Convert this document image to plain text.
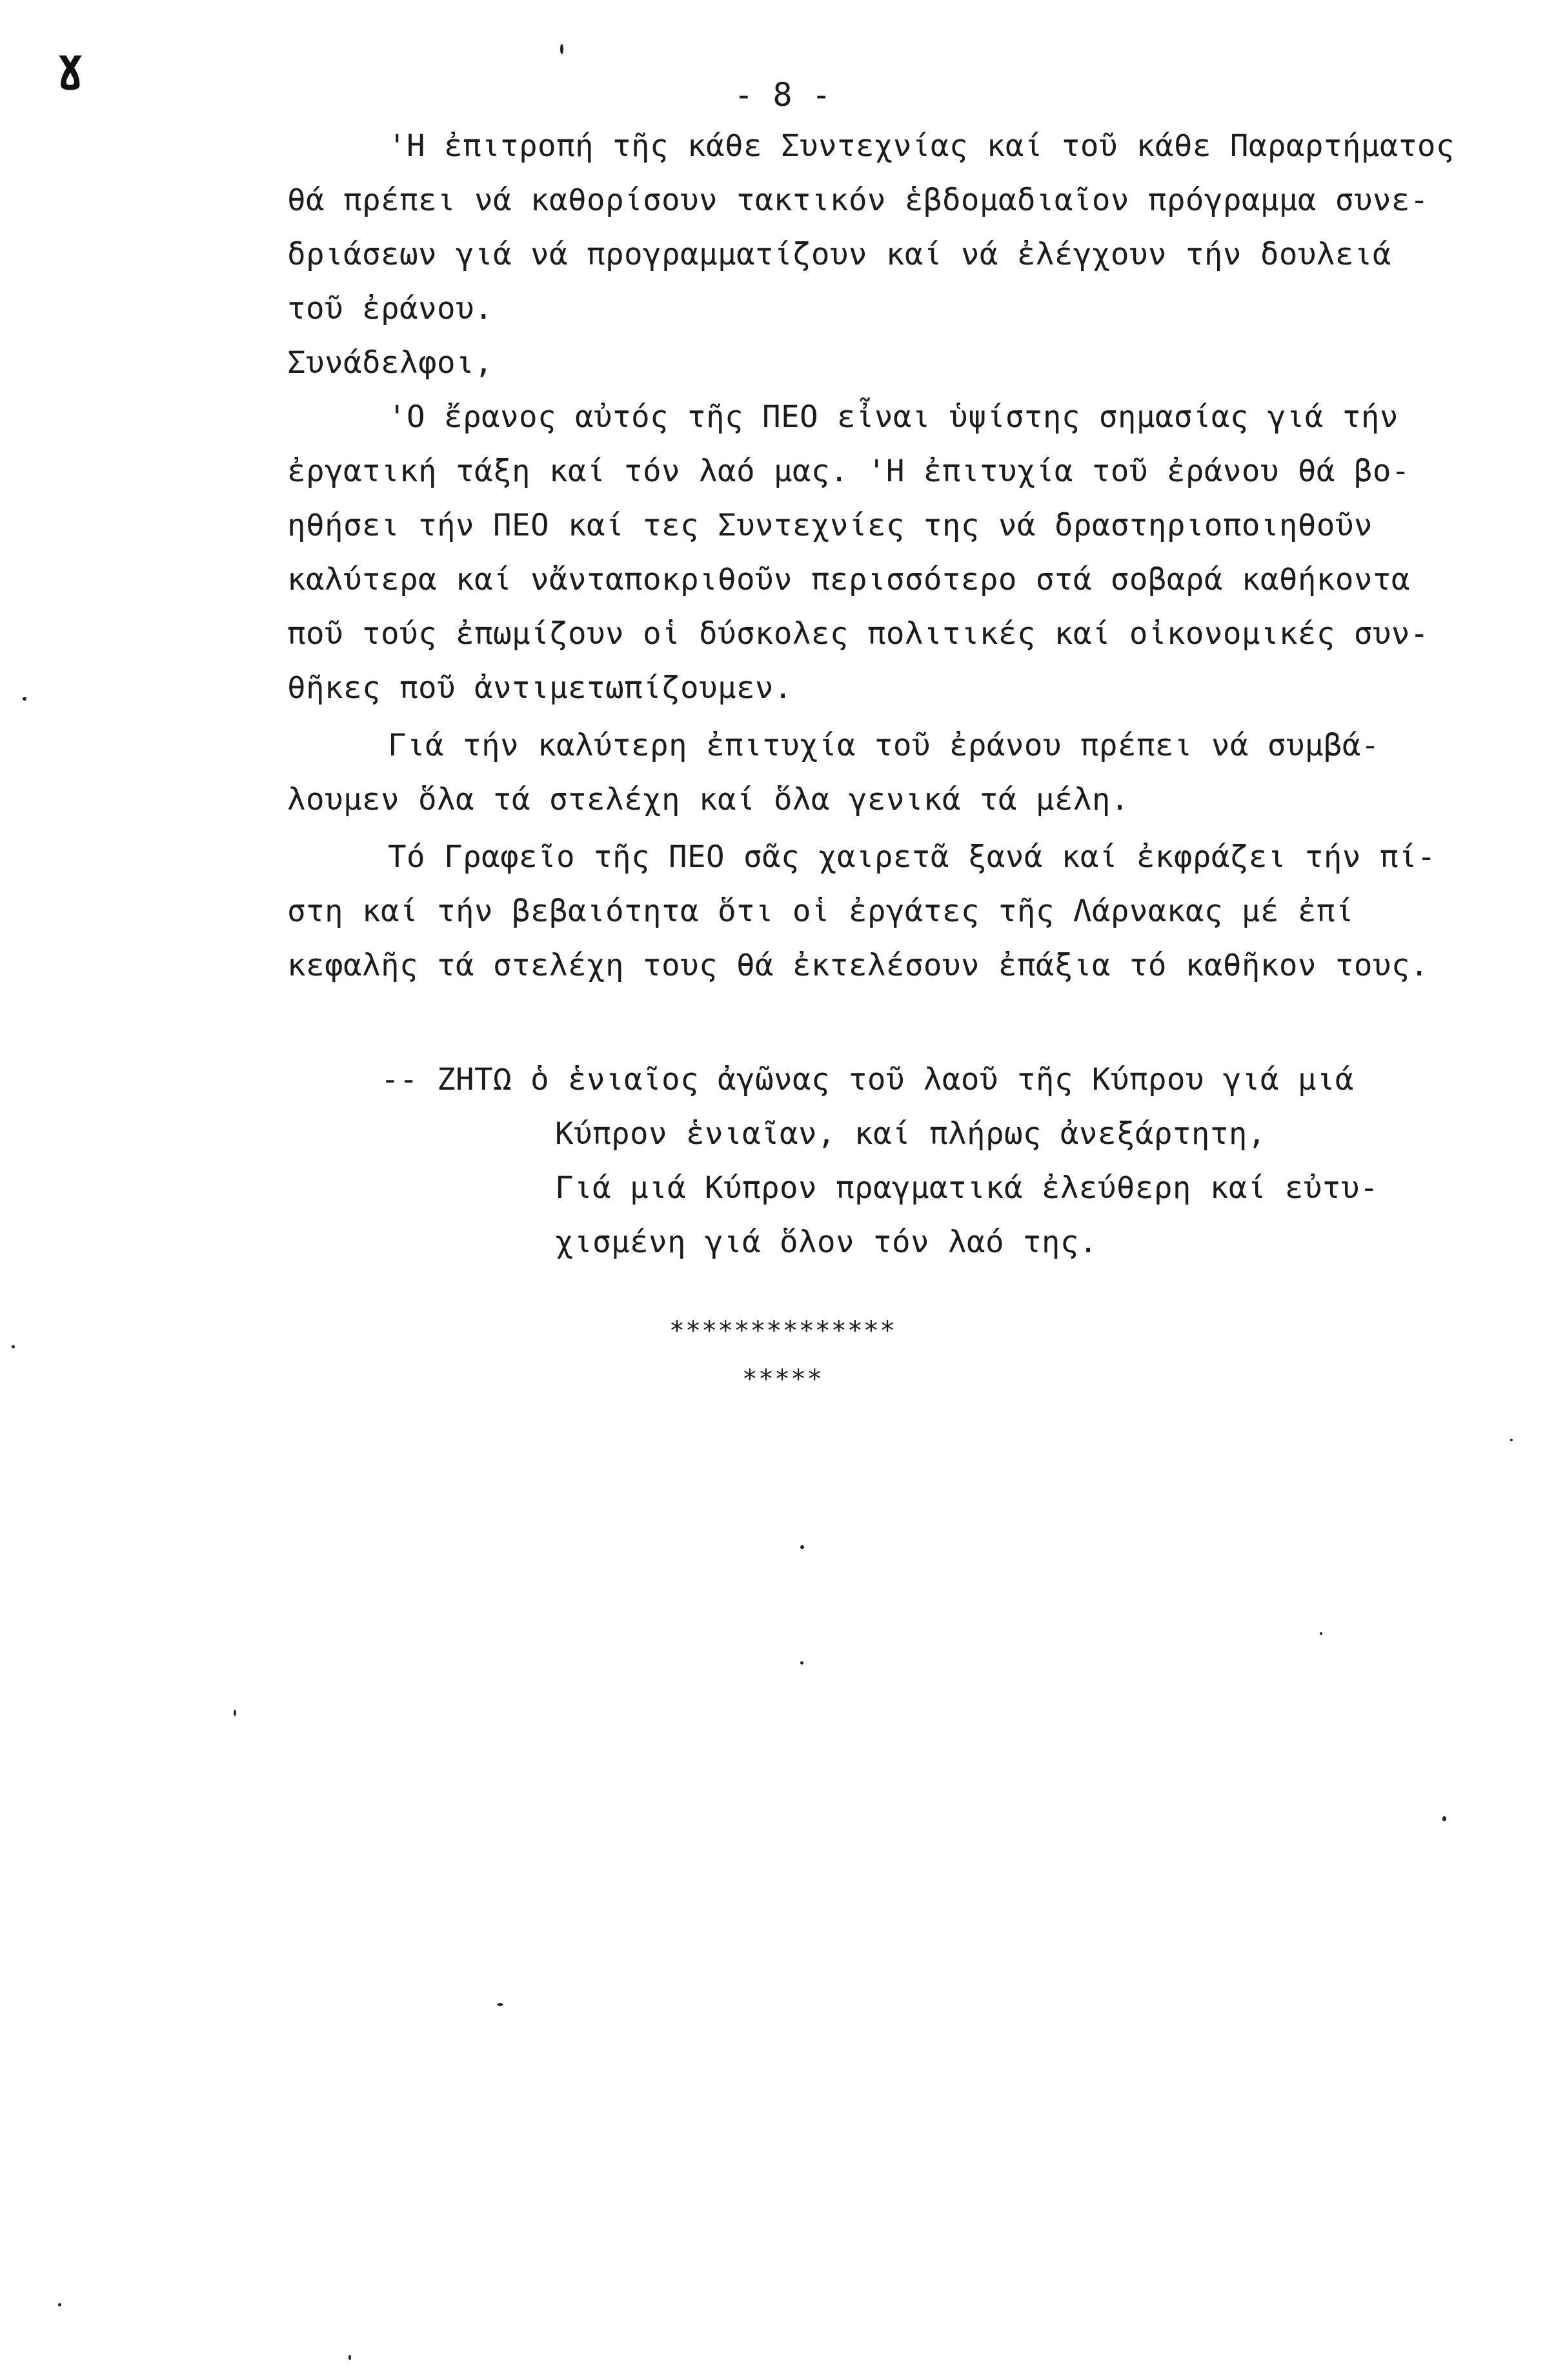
- 8 -

'Η ἐπιτροπή τῆς κάθε Συντεχνίας καί τοῦ κάθε Παραρτήματος
θά πρέπει νά καθορίσουν τακτικόν ἑβδομαδιαῖον πρόγραμμα συνε-
δριάσεων γιά νά προγραμματίζουν καί νά ἐλέγχουν τήν δουλειά
τοῦ ἐράνου.

Συνάδελφοι,

'Ο ἔρανος αὐτός τῆς ΠΕΟ εἶναι ὑψίστης σημασίας γιά τήν
ἐργατική τάξη καί τόν λαό μας. 'Η ἐπιτυχία τοῦ ἐράνου θά βο-
ηθήσει τήν ΠΕΟ καί τες Συντεχνίες της νά δραστηριοποιηθοῦν
καλύτερα καί νἄνταποκριθοῦν περισσότερο στά σοβαρά καθήκοντα
ποῦ τούς ἐπωμίζουν οἱ δύσκολες πολιτικές καί οἰκονομικές συν-
θῆκες ποῦ ἀντιμετωπίζουμεν.

Γιά τήν καλύτερη ἐπιτυχία τοῦ ἐράνου πρέπει νά συμβά-
λουμεν ὅλα τά στελέχη καί ὅλα γενικά τά μέλη.

Τό Γραφεῖο τῆς ΠΕΟ σᾶς χαιρετᾶ ξανά καί ἐκφράζει τήν πί-
στη καί τήν βεβαιότητα ὅτι οἱ ἐργάτες τῆς Λάρνακας μέ ἐπί
κεφαλῆς τά στελέχη τους θά ἐκτελέσουν ἐπάξια τό καθῆκον τους.

-- ΖΗΤΩ ὁ ἑνιαῖος ἀγῶνας τοῦ λαοῦ τῆς Κύπρου γιά μιά
Κύπρον ἑνιαῖαν, καί πλήρως ἀνεξάρτητη,
Γιά μιά Κύπρον πραγματικά ἐλεύθερη καί εὐτυ-
χισμένη γιά ὅλον τόν λαό της.
**************
*****
ɣ
